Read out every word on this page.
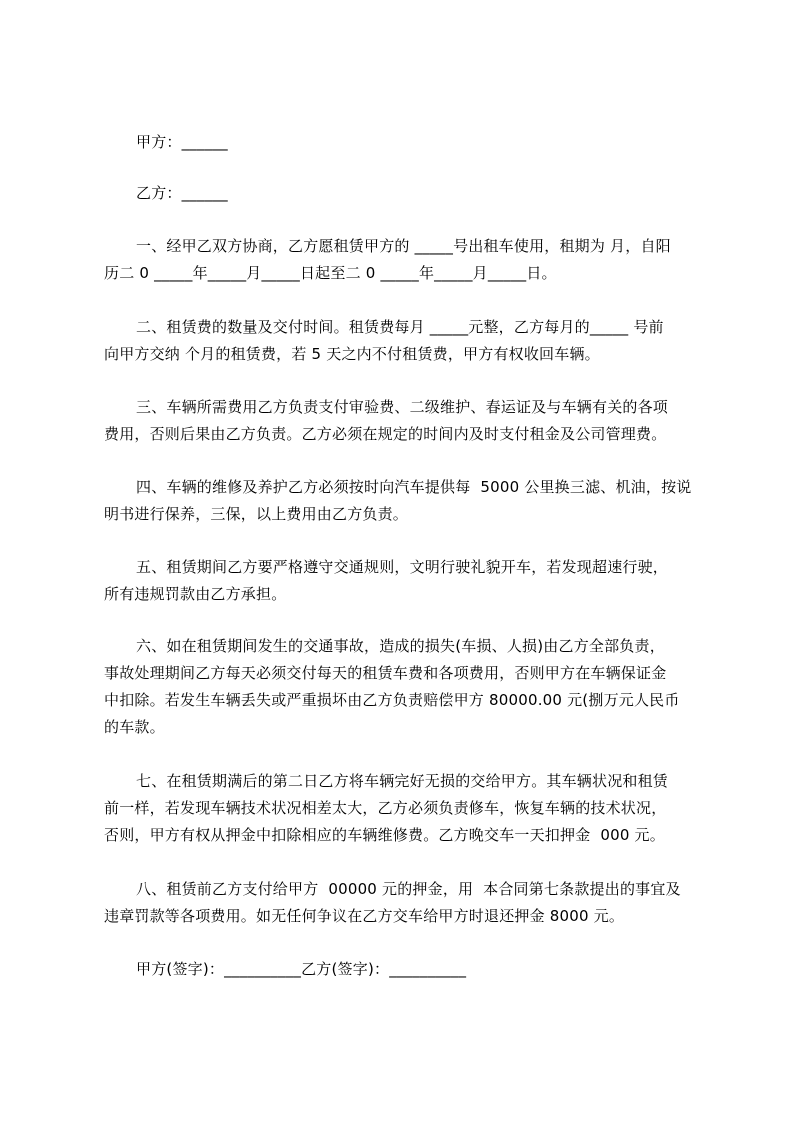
甲方：______
乙方：______
一、经甲乙双方协商，乙方愿租赁甲方的 _____号出租车使用，租期为 月，自阳
历二 0 _____年_____月_____日起至二 0 _____年_____月_____日。
二、租赁费的数量及交付时间。租赁费每月 _____元整，乙方每月的_____ 号前
向甲方交纳 个月的租赁费，若 5 天之内不付租赁费，甲方有权收回车辆。
三、车辆所需费用乙方负责支付审验费、二级维护、春运证及与车辆有关的各项
费用，否则后果由乙方负责。乙方必须在规定的时间内及时支付租金及公司管理费。
四、车辆的维修及养护乙方必须按时向汽车提供每  5000 公里换三滤、机油，按说
明书进行保养，三保，以上费用由乙方负责。
五、租赁期间乙方要严格遵守交通规则，文明行驶礼貌开车，若发现超速行驶，
所有违规罚款由乙方承担。
六、如在租赁期间发生的交通事故，造成的损失(车损、人损)由乙方全部负责，
事故处理期间乙方每天必须交付每天的租赁车费和各项费用，否则甲方在车辆保证金
中扣除。若发生车辆丢失或严重损坏由乙方负责赔偿甲方 80000.00 元(捌万元人民币
的车款。
七、在租赁期满后的第二日乙方将车辆完好无损的交给甲方。其车辆状况和租赁
前一样，若发现车辆技术状况相差太大，乙方必须负责修车，恢复车辆的技术状况，
否则，甲方有权从押金中扣除相应的车辆维修费。乙方晚交车一天扣押金  000 元。
八、租赁前乙方支付给甲方  00000 元的押金，用  本合同第七条款提出的事宜及
违章罚款等各项费用。如无任何争议在乙方交车给甲方时退还押金 8000 元。
甲方(签字)：__________乙方(签字)：__________
